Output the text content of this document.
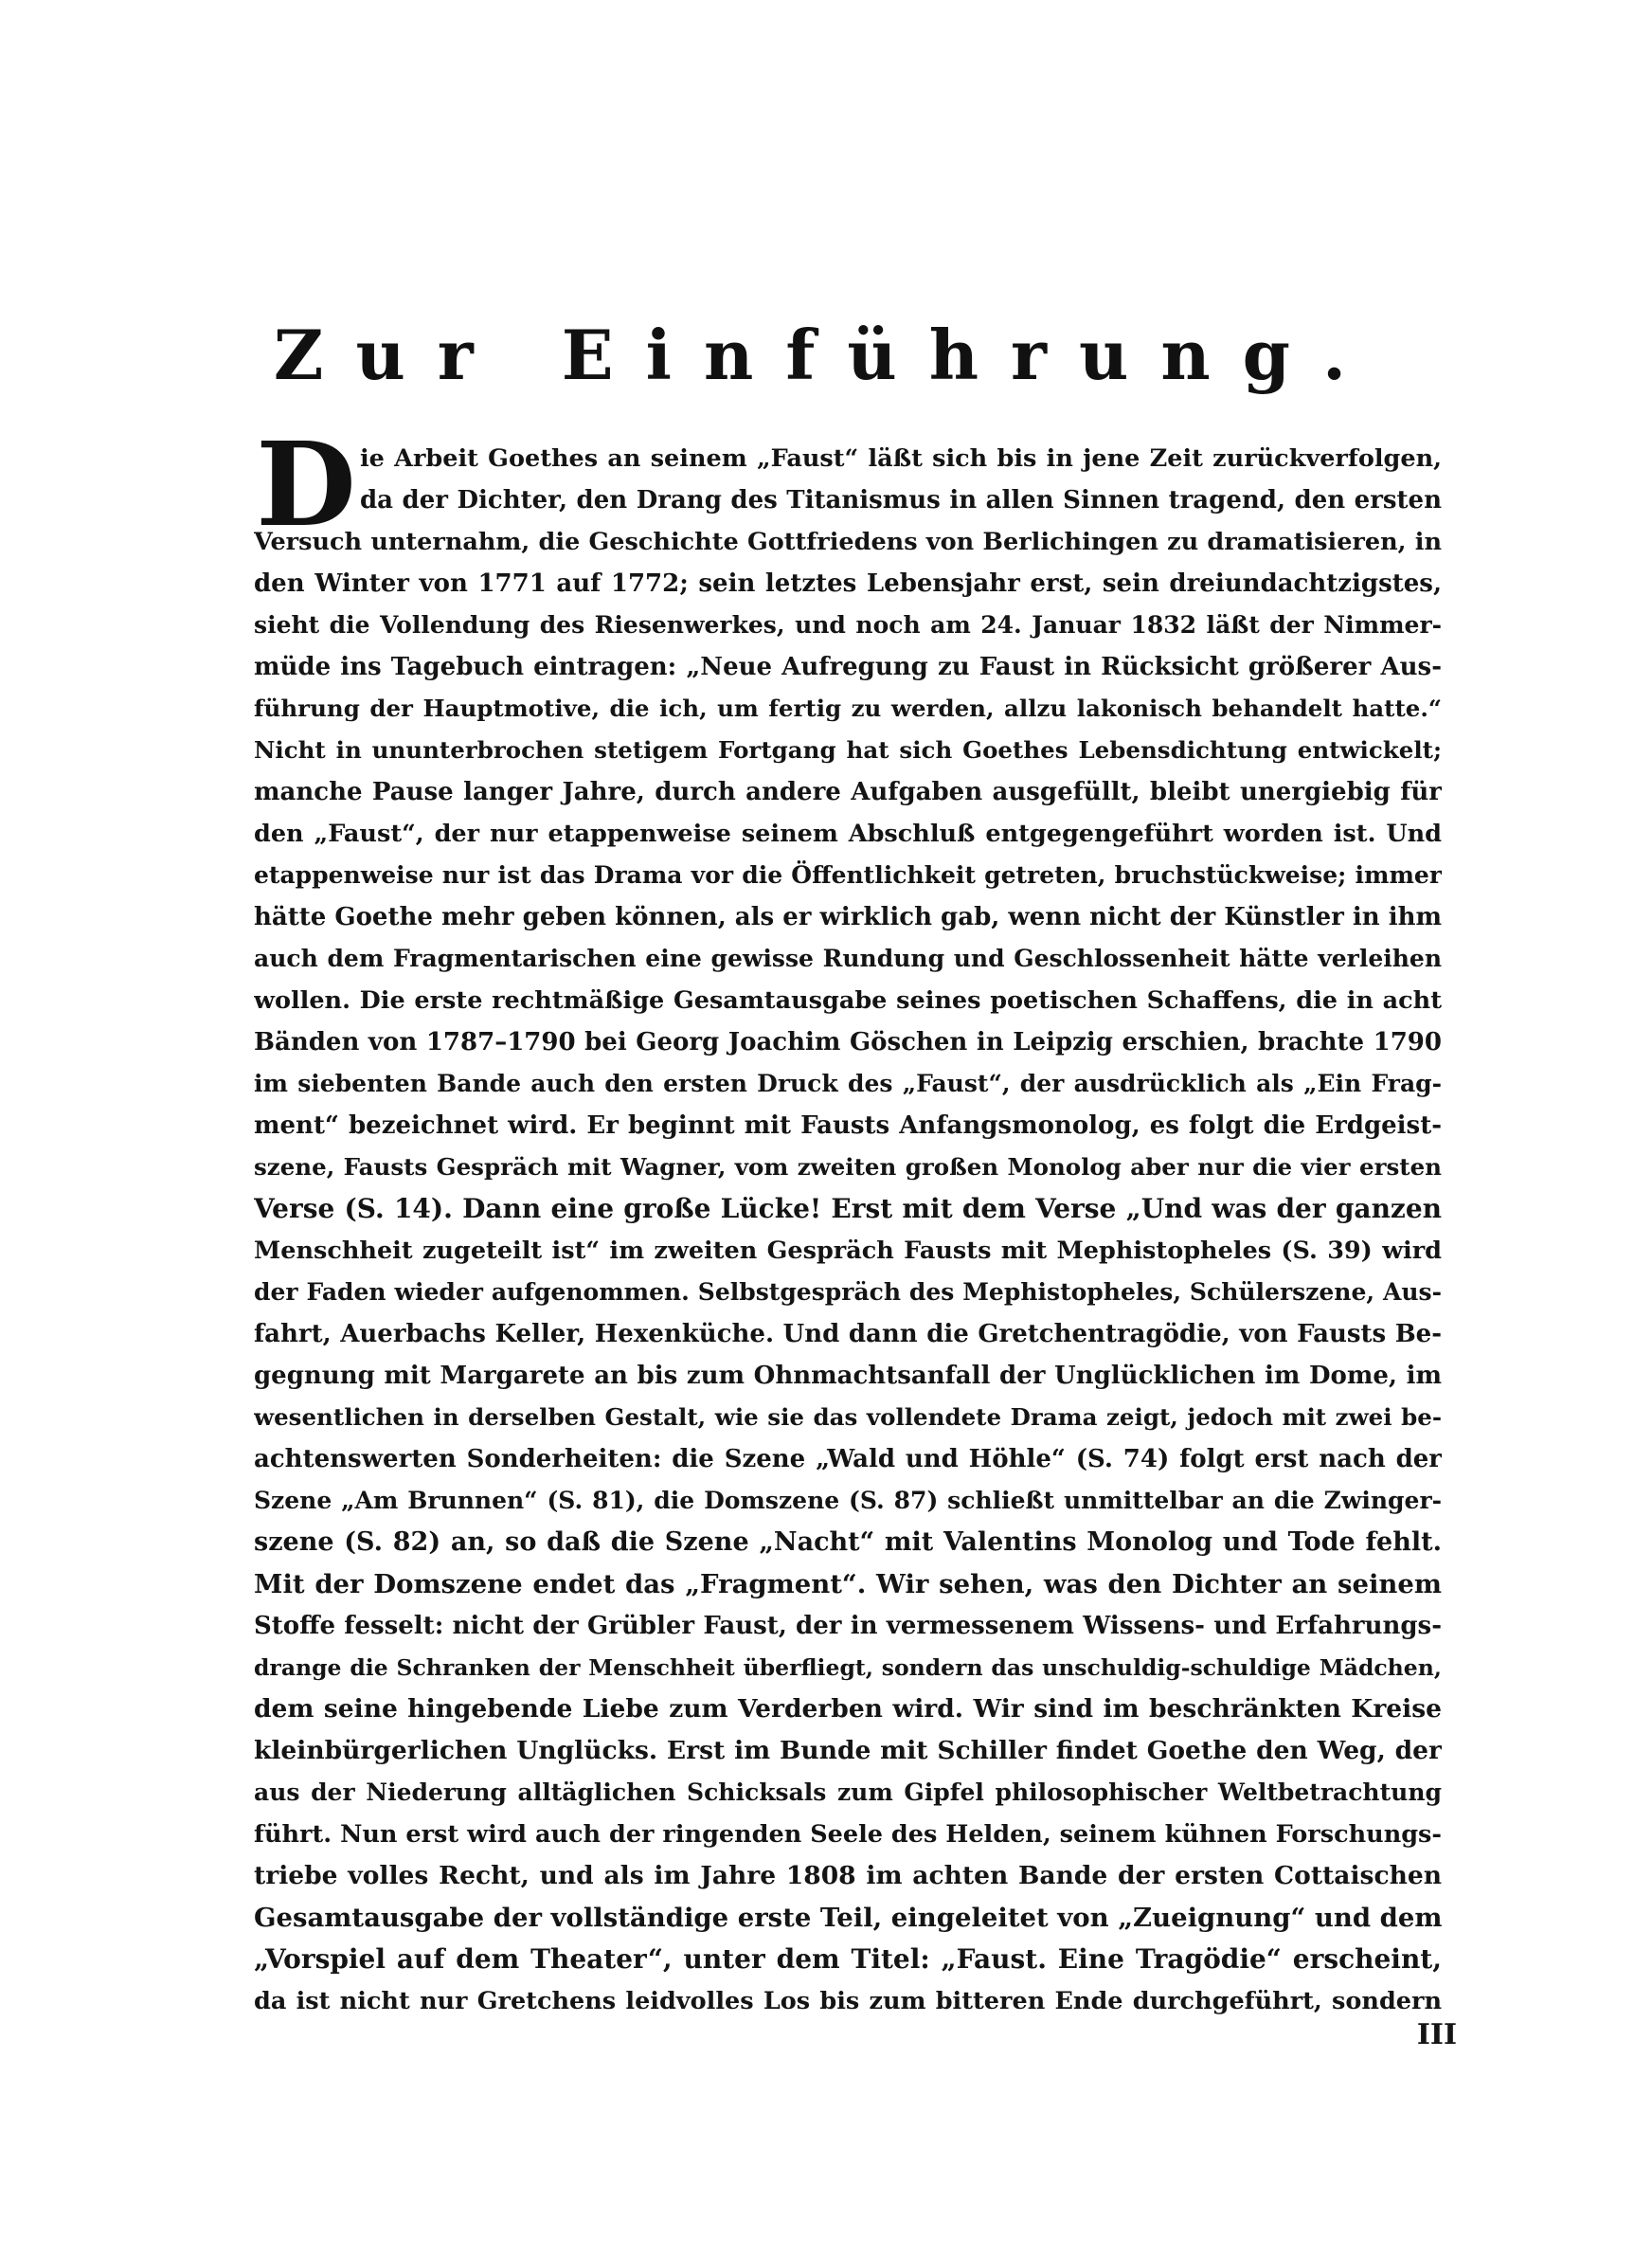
Zur Einführung.
D ie Arbeit Goethes an seinem „Faust“ läßt sich bis in jene Zeit zurückverfolgen,
da der Dichter, den Drang des Titanismus in allen Sinnen tragend, den ersten
Versuch unternahm, die Geschichte Gottfriedens von Berlichingen zu dramatisieren, in
den Winter von 1771 auf 1772; sein letztes Lebensjahr erst, sein dreiundachtzigstes,
sieht die Vollendung des Riesenwerkes, und noch am 24. Januar 1832 läßt der Nimmer-
müde ins Tagebuch eintragen: „Neue Aufregung zu Faust in Rücksicht größerer Aus-
führung der Hauptmotive, die ich, um fertig zu werden, allzu lakonisch behandelt hatte.“
Nicht in ununterbrochen stetigem Fortgang hat sich Goethes Lebensdichtung entwickelt;
manche Pause langer Jahre, durch andere Aufgaben ausgefüllt, bleibt unergiebig für
den „Faust“, der nur etappenweise seinem Abschluß entgegengeführt worden ist. Und
etappenweise nur ist das Drama vor die Öffentlichkeit getreten, bruchstückweise; immer
hätte Goethe mehr geben können, als er wirklich gab, wenn nicht der Künstler in ihm
auch dem Fragmentarischen eine gewisse Rundung und Geschlossenheit hätte verleihen
wollen. Die erste rechtmäßige Gesamtausgabe seines poetischen Schaffens, die in acht
Bänden von 1787–1790 bei Georg Joachim Göschen in Leipzig erschien, brachte 1790
im siebenten Bande auch den ersten Druck des „Faust“, der ausdrücklich als „Ein Frag-
ment“ bezeichnet wird. Er beginnt mit Fausts Anfangsmonolog, es folgt die Erdgeist-
szene, Fausts Gespräch mit Wagner, vom zweiten großen Monolog aber nur die vier ersten
Verse (S. 14). Dann eine große Lücke! Erst mit dem Verse „Und was der ganzen
Menschheit zugeteilt ist“ im zweiten Gespräch Fausts mit Mephistopheles (S. 39) wird
der Faden wieder aufgenommen. Selbstgespräch des Mephistopheles, Schülerszene, Aus-
fahrt, Auerbachs Keller, Hexenküche. Und dann die Gretchentragödie, von Fausts Be-
gegnung mit Margarete an bis zum Ohnmachtsanfall der Unglücklichen im Dome, im
wesentlichen in derselben Gestalt, wie sie das vollendete Drama zeigt, jedoch mit zwei be-
achtenswerten Sonderheiten: die Szene „Wald und Höhle“ (S. 74) folgt erst nach der
Szene „Am Brunnen“ (S. 81), die Domszene (S. 87) schließt unmittelbar an die Zwinger-
szene (S. 82) an, so daß die Szene „Nacht“ mit Valentins Monolog und Tode fehlt.
Mit der Domszene endet das „Fragment“. Wir sehen, was den Dichter an seinem
Stoffe fesselt: nicht der Grübler Faust, der in vermessenem Wissens- und Erfahrungs-
drange die Schranken der Menschheit überfliegt, sondern das unschuldig-schuldige Mädchen,
dem seine hingebende Liebe zum Verderben wird. Wir sind im beschränkten Kreise
kleinbürgerlichen Unglücks. Erst im Bunde mit Schiller findet Goethe den Weg, der
aus der Niederung alltäglichen Schicksals zum Gipfel philosophischer Weltbetrachtung
führt. Nun erst wird auch der ringenden Seele des Helden, seinem kühnen Forschungs-
triebe volles Recht, und als im Jahre 1808 im achten Bande der ersten Cottaischen
Gesamtausgabe der vollständige erste Teil, eingeleitet von „Zueignung“ und dem
„Vorspiel auf dem Theater“, unter dem Titel: „Faust. Eine Tragödie“ erscheint,
da ist nicht nur Gretchens leidvolles Los bis zum bitteren Ende durchgeführt, sondern
III
